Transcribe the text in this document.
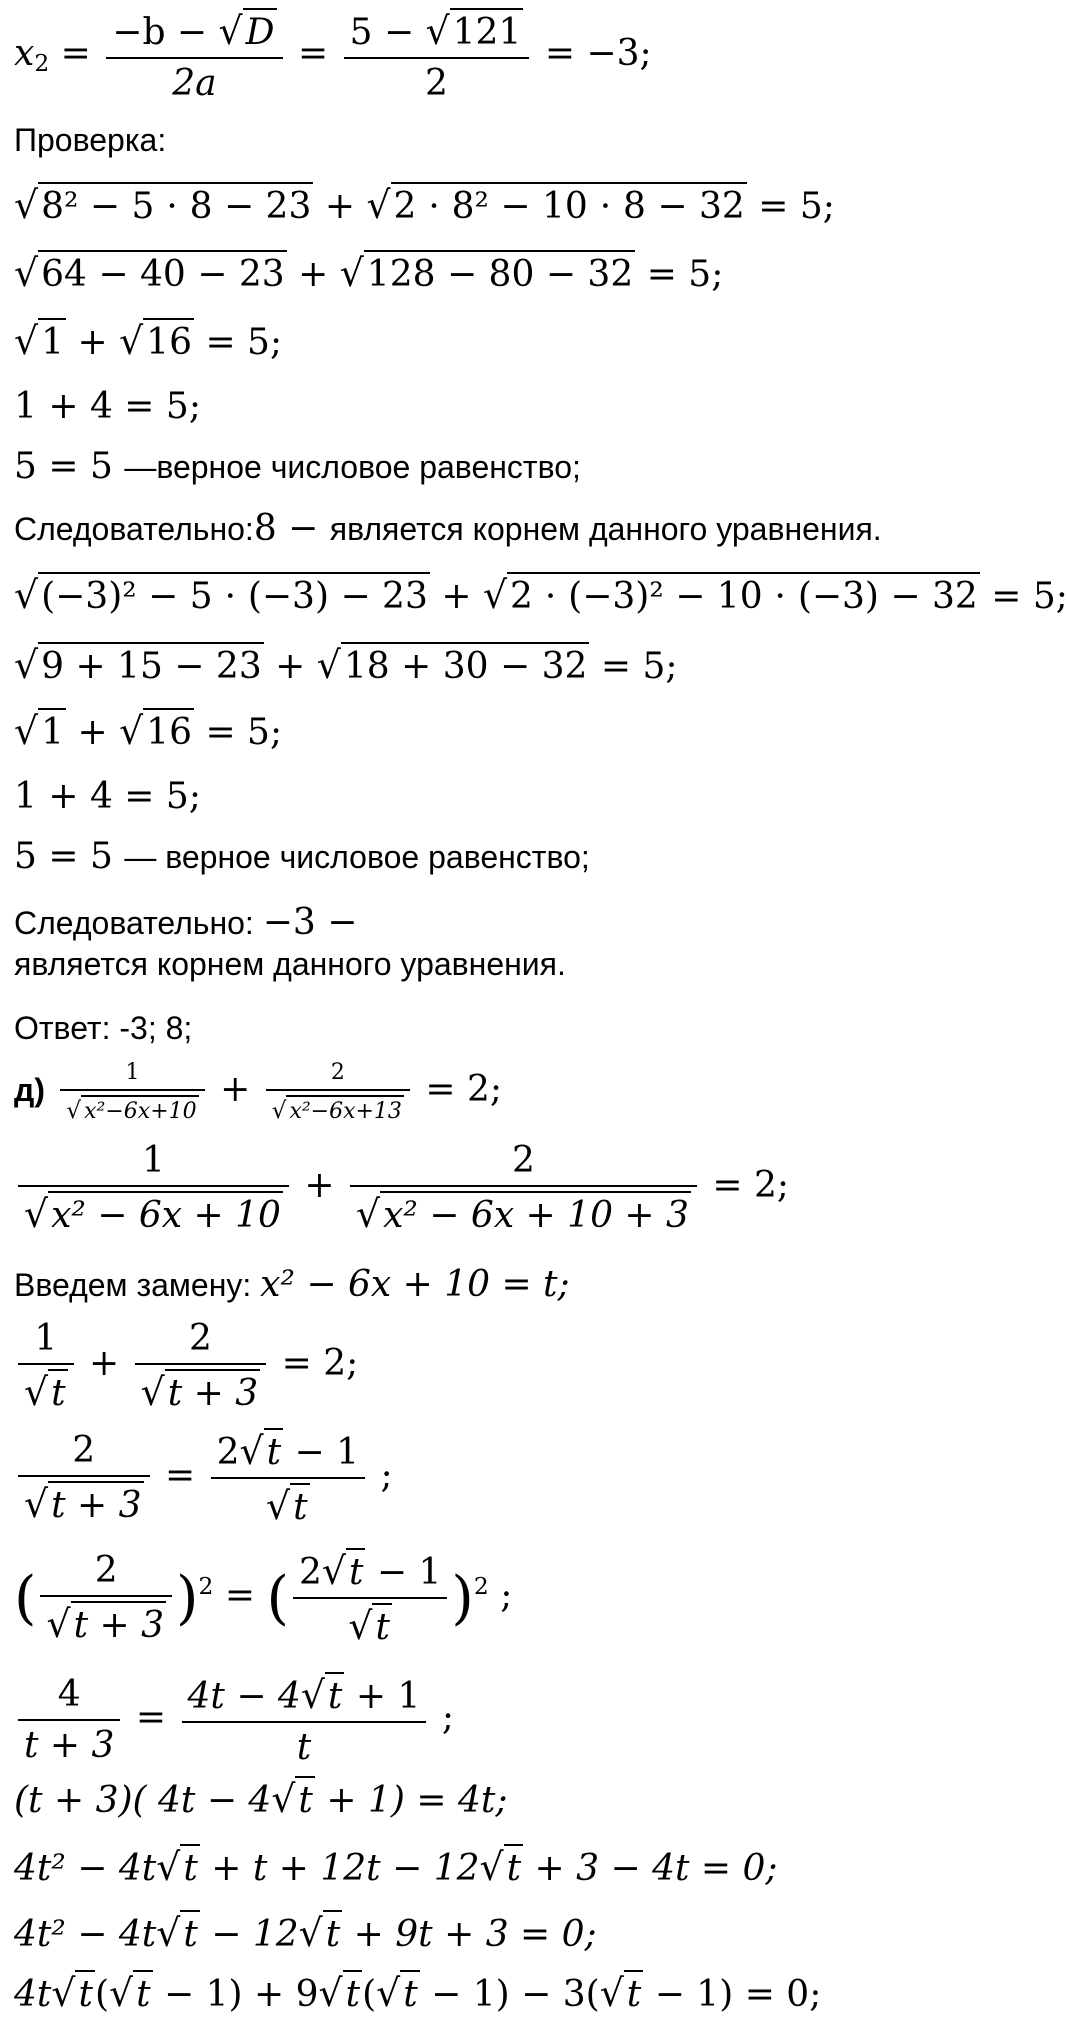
$x_2 = \frac{-b - √D}{2a} = \frac{5 - √121}{2} = -3$;
Проверка:
√8² − 5 ⋅ 8 − 23 + √2 ⋅ 8² − 10 ⋅ 8 − 32 = 5;
√64 − 40 − 23 + √128 − 80 − 32 = 5;
√1 + √16 = 5;
1 + 4 = 5;
5 = 5 —верное числовое равенство;
Следовательно:8 − является корнем данного уравнения.
√(−3)² − 5 ⋅ (−3) − 23 + √2 ⋅ (−3)² − 10 ⋅ (−3) − 32 = 5;
√9 + 15 − 23 + √18 + 30 − 32 = 5;
√1 + √16 = 5;
1 + 4 = 5;
5 = 5 — верное числовое равенство;
Следовательно: −3 −
является корнем данного уравнения.
Ответ: -3; 8;
$д) \frac{1}{\text{√ x²−6x+10}} + \frac{2}{\text{√ x²−6x+13}} = 2$;
$\frac{1}{\text{√x² − 6x + 10}} + \frac{2}{\text{√x² − 6x + 10 + 3}} = 2$;
Введем замену: x² − 6x + 10 = t;
$\frac{1}{√t} + \frac{2}{√t + 3} = 2$;
$\frac{2}{√t + 3} = \frac{2√t - 1}{√t}$ ;
( $\frac{2}{√t + 3} )^2$ = ( $\frac{2√t - 1}{√t} )^2$ ;
$\frac{4}{t + 3} = \frac{4t - 4√t + 1}{t}$ ;
(t + 3)( 4t − 4√t + 1) = 4t;
4t² − 4t√t + t + 12t − 12√t + 3 − 4t = 0;
4t² − 4t√t − 12√t + 9t + 3 = 0;
4t√t(√t − 1) + 9√t(√t − 1) − 3(√t − 1) = 0;
